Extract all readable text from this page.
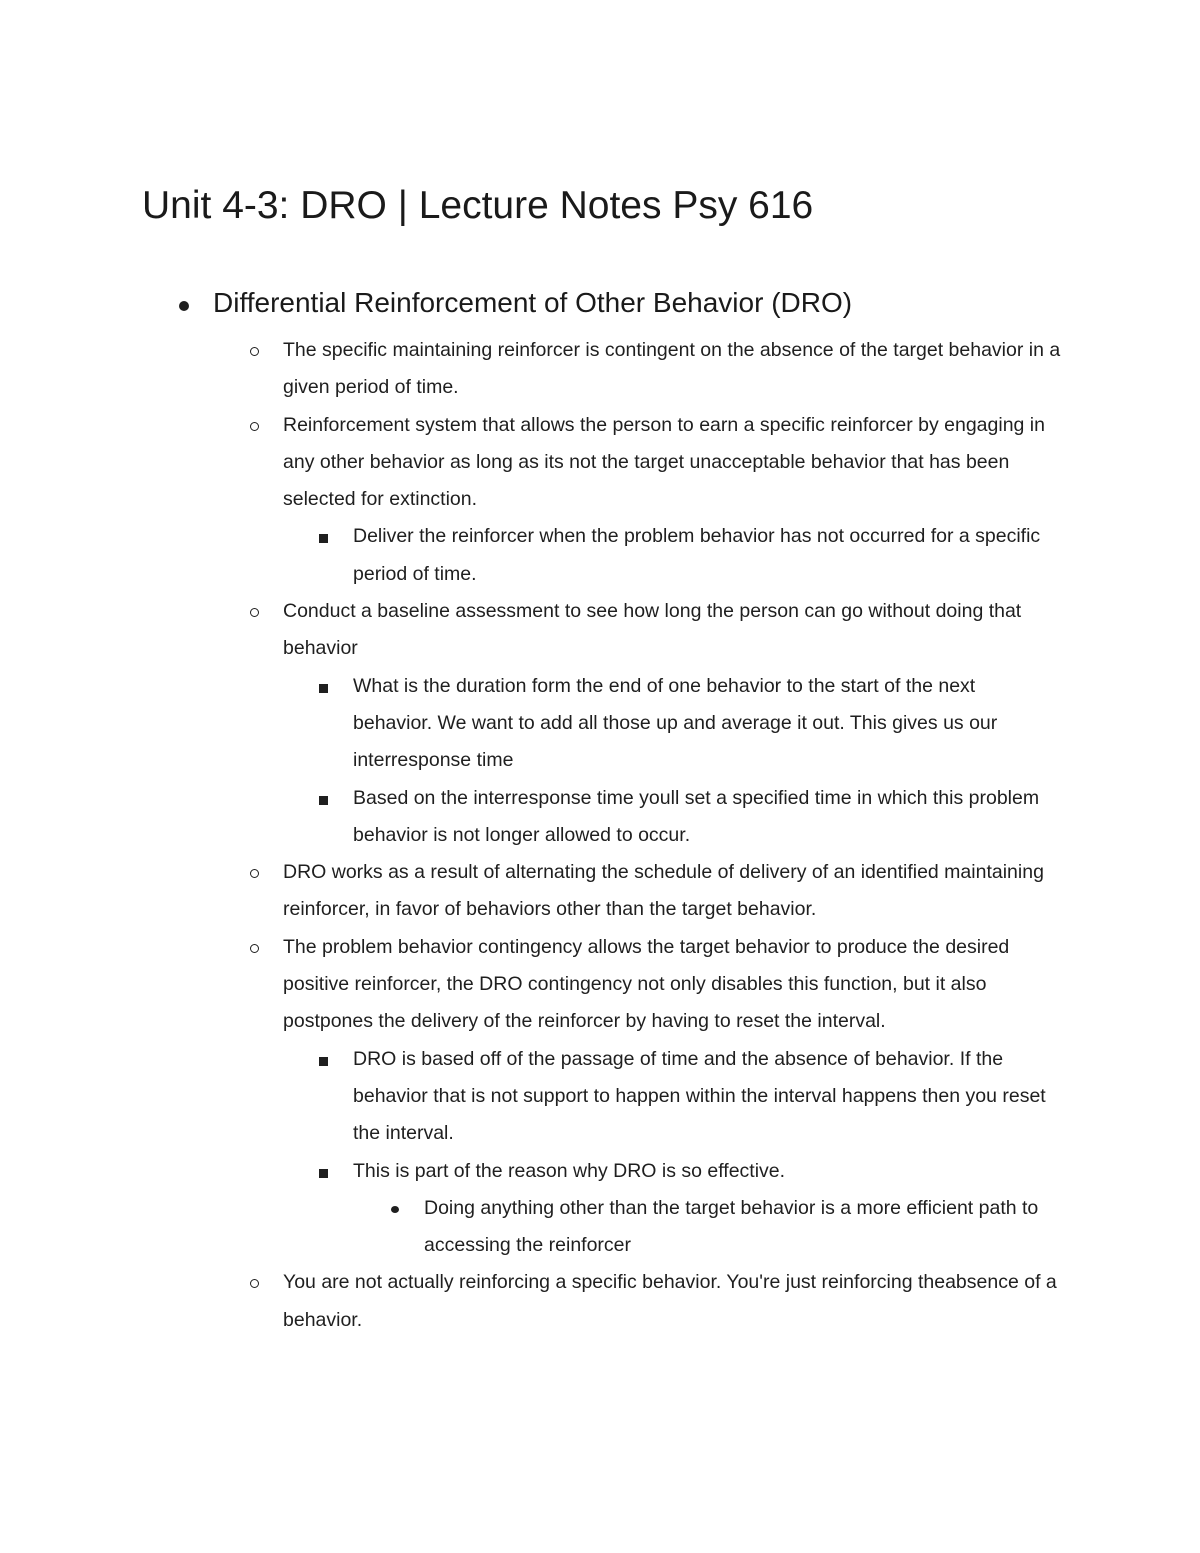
Unit 4-3: DRO | Lecture Notes Psy 616
Differential Reinforcement of Other Behavior (DRO)
The specific maintaining reinforcer is contingent on the absence of the target behavior in a given period of time.
Reinforcement system that allows the person to earn a specific reinforcer by engaging in any other behavior as long as its not the target unacceptable behavior that has been selected for extinction.
Deliver the reinforcer when the problem behavior has not occurred for a specific period of time.
Conduct a baseline assessment to see how long the person can go without doing that behavior
What is the duration form the end of one behavior to the start of the next behavior. We want to add all those up and average it out. This gives us our interresponse time
Based on the interresponse time youll set a specified time in which this problem behavior is not longer allowed to occur.
DRO works as a result of alternating the schedule of delivery of an identified maintaining reinforcer, in favor of behaviors other than the target behavior.
The problem behavior contingency allows the target behavior to produce the desired positive reinforcer, the DRO contingency not only disables this function, but it also postpones the delivery of the reinforcer by having to reset the interval.
DRO is based off of the passage of time and the absence of behavior. If the behavior that is not support to happen within the interval happens then you reset the interval.
This is part of the reason why DRO is so effective.
Doing anything other than the target behavior is a more efficient path to accessing the reinforcer
You are not actually reinforcing a specific behavior. You're just reinforcing theabsence of a behavior.
